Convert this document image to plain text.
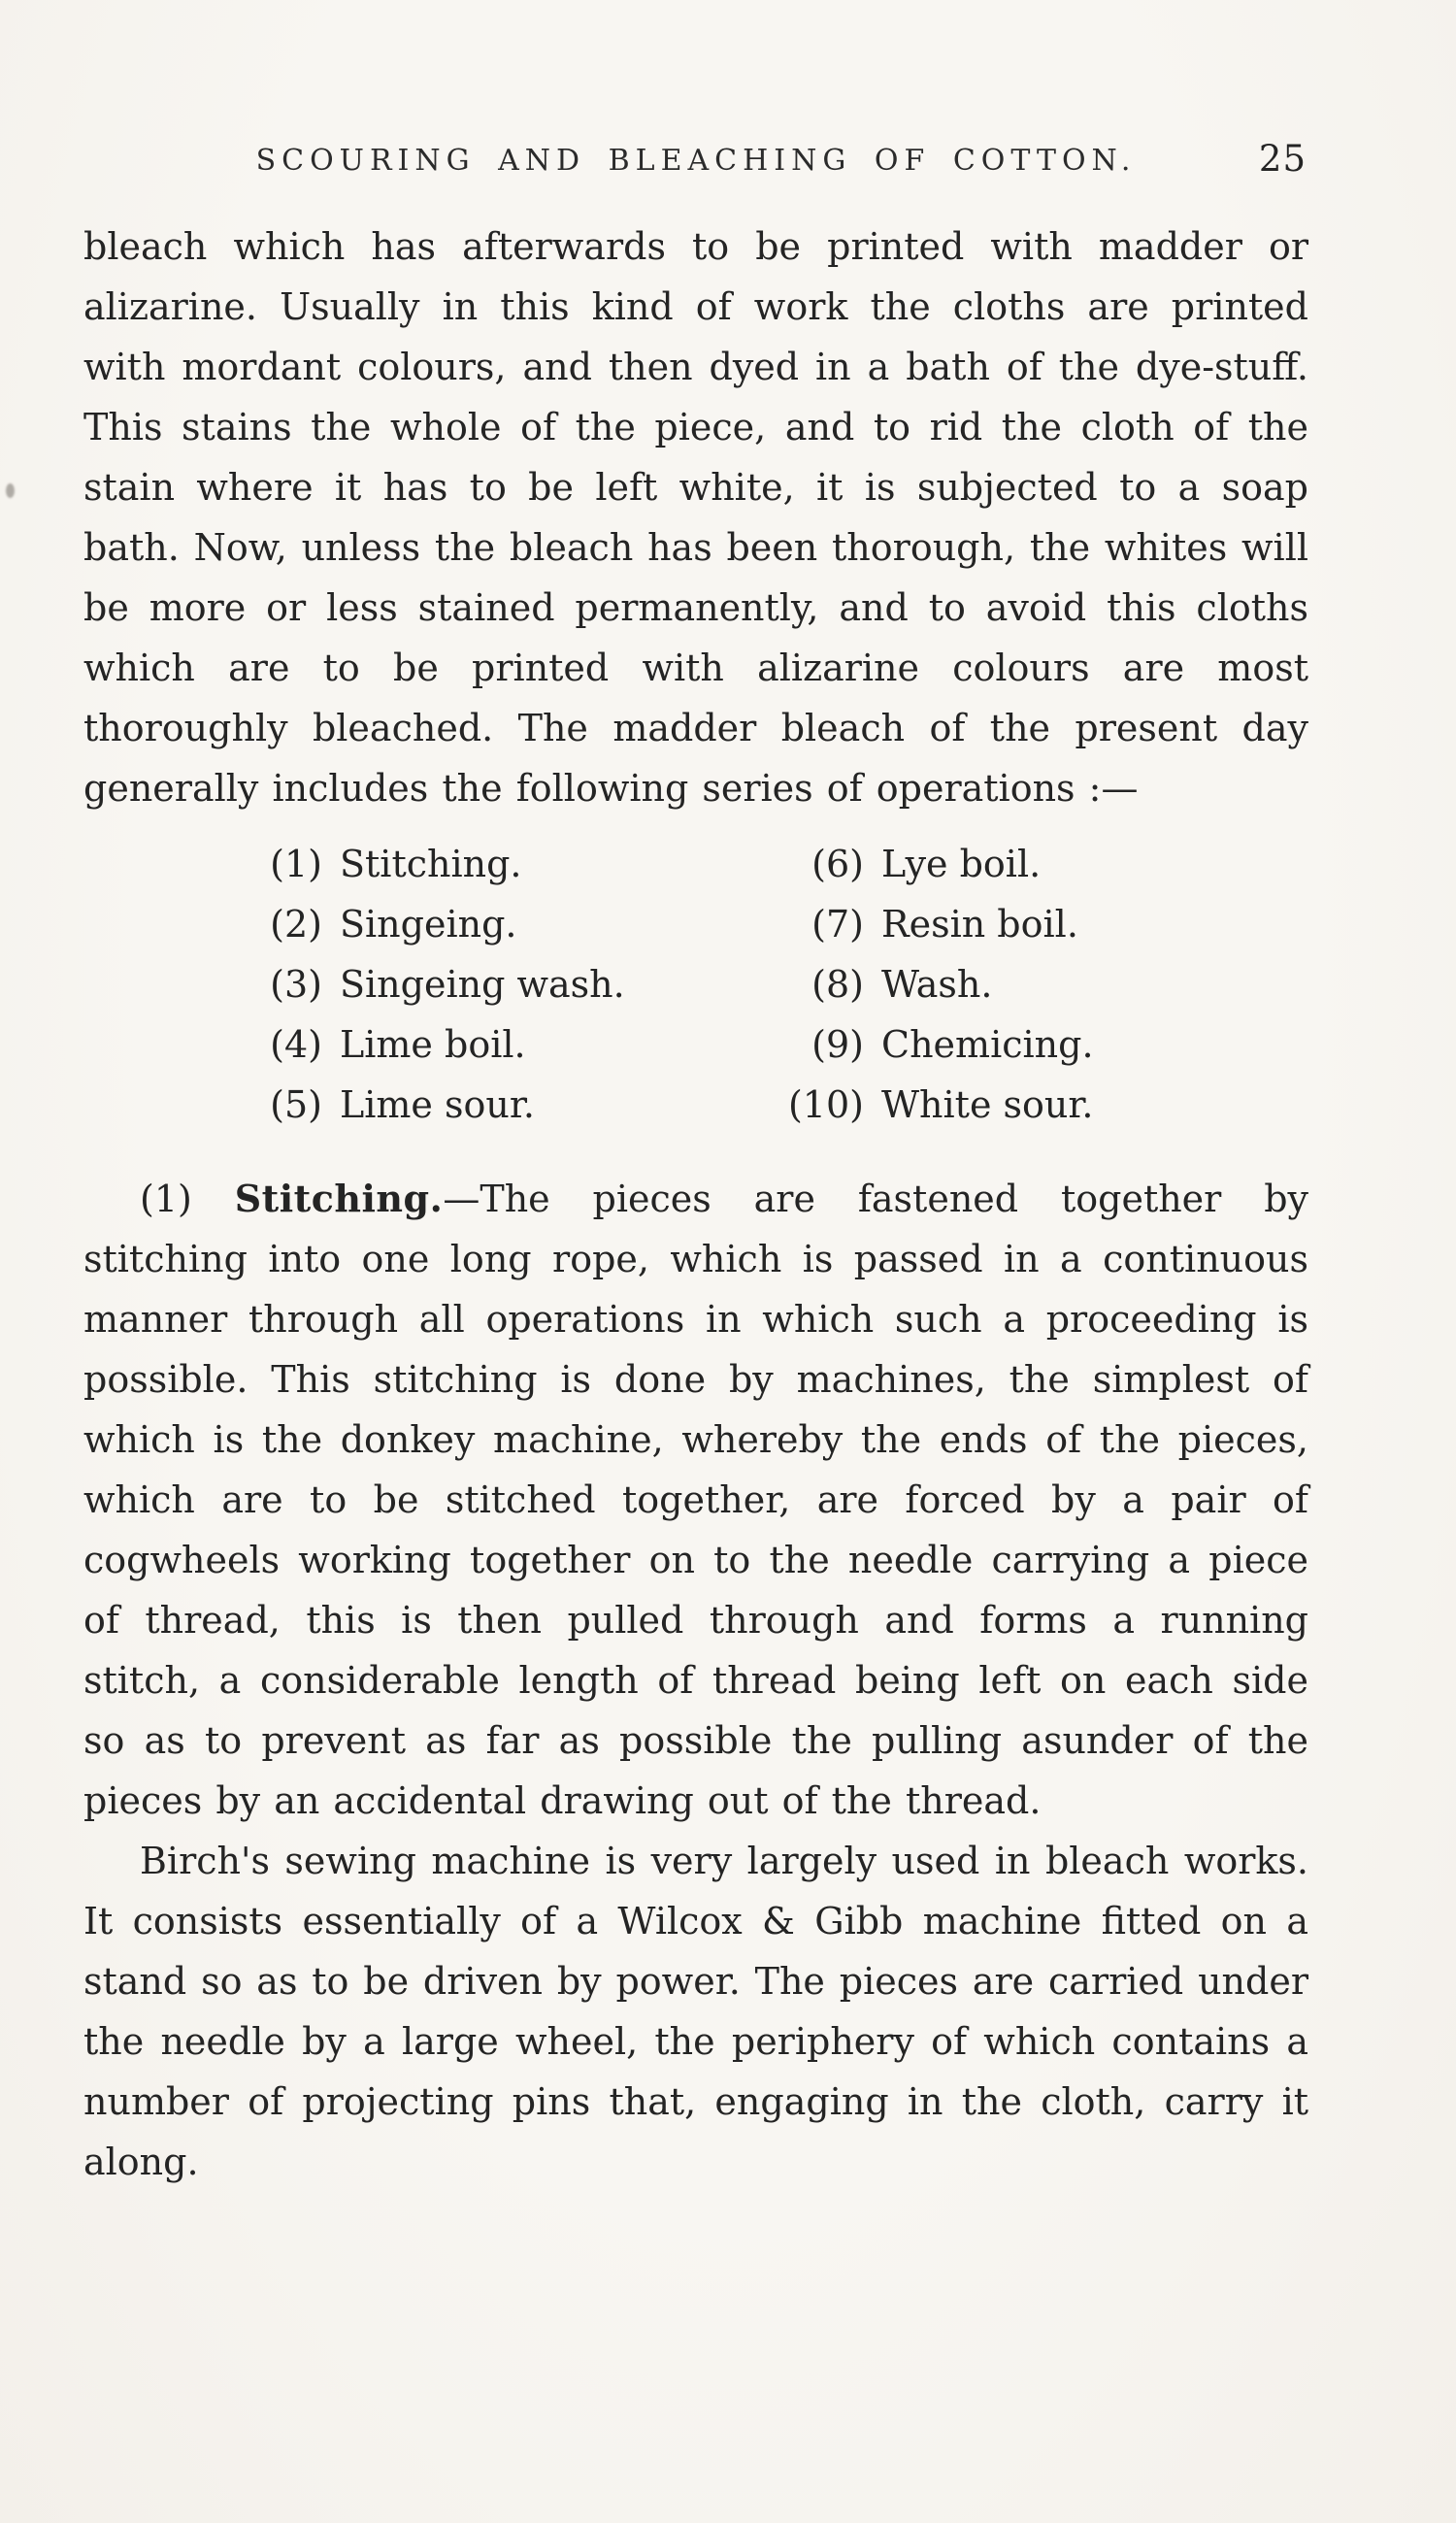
SCOURING AND BLEACHING OF COTTON.	25

bleach which has afterwards to be printed with madder or alizarine. Usually in this kind of work the cloths are printed with mordant colours, and then dyed in a bath of the dye-stuff. This stains the whole of the piece, and to rid the cloth of the stain where it has to be left white, it is subjected to a soap bath. Now, unless the bleach has been thorough, the whites will be more or less stained permanently, and to avoid this cloths which are to be printed with alizarine colours are most thoroughly bleached. The madder bleach of the present day generally includes the following series of operations :—

(1) Stitching.
(2) Singeing.
(3) Singeing wash.
(4) Lime boil.
(5) Lime sour.
(6) Lye boil.
(7) Resin boil.
(8) Wash.
(9) Chemicing.
(10) White sour.

(1) Stitching.—The pieces are fastened together by stitching into one long rope, which is passed in a continuous manner through all operations in which such a proceeding is possible. This stitching is done by machines, the simplest of which is the donkey machine, whereby the ends of the pieces, which are to be stitched together, are forced by a pair of cogwheels working together on to the needle carrying a piece of thread, this is then pulled through and forms a running stitch, a considerable length of thread being left on each side so as to prevent as far as possible the pulling asunder of the pieces by an accidental drawing out of the thread.

Birch's sewing machine is very largely used in bleach works. It consists essentially of a Wilcox & Gibb machine fitted on a stand so as to be driven by power. The pieces are carried under the needle by a large wheel, the periphery of which contains a number of projecting pins that, engaging in the cloth, carry it along.
